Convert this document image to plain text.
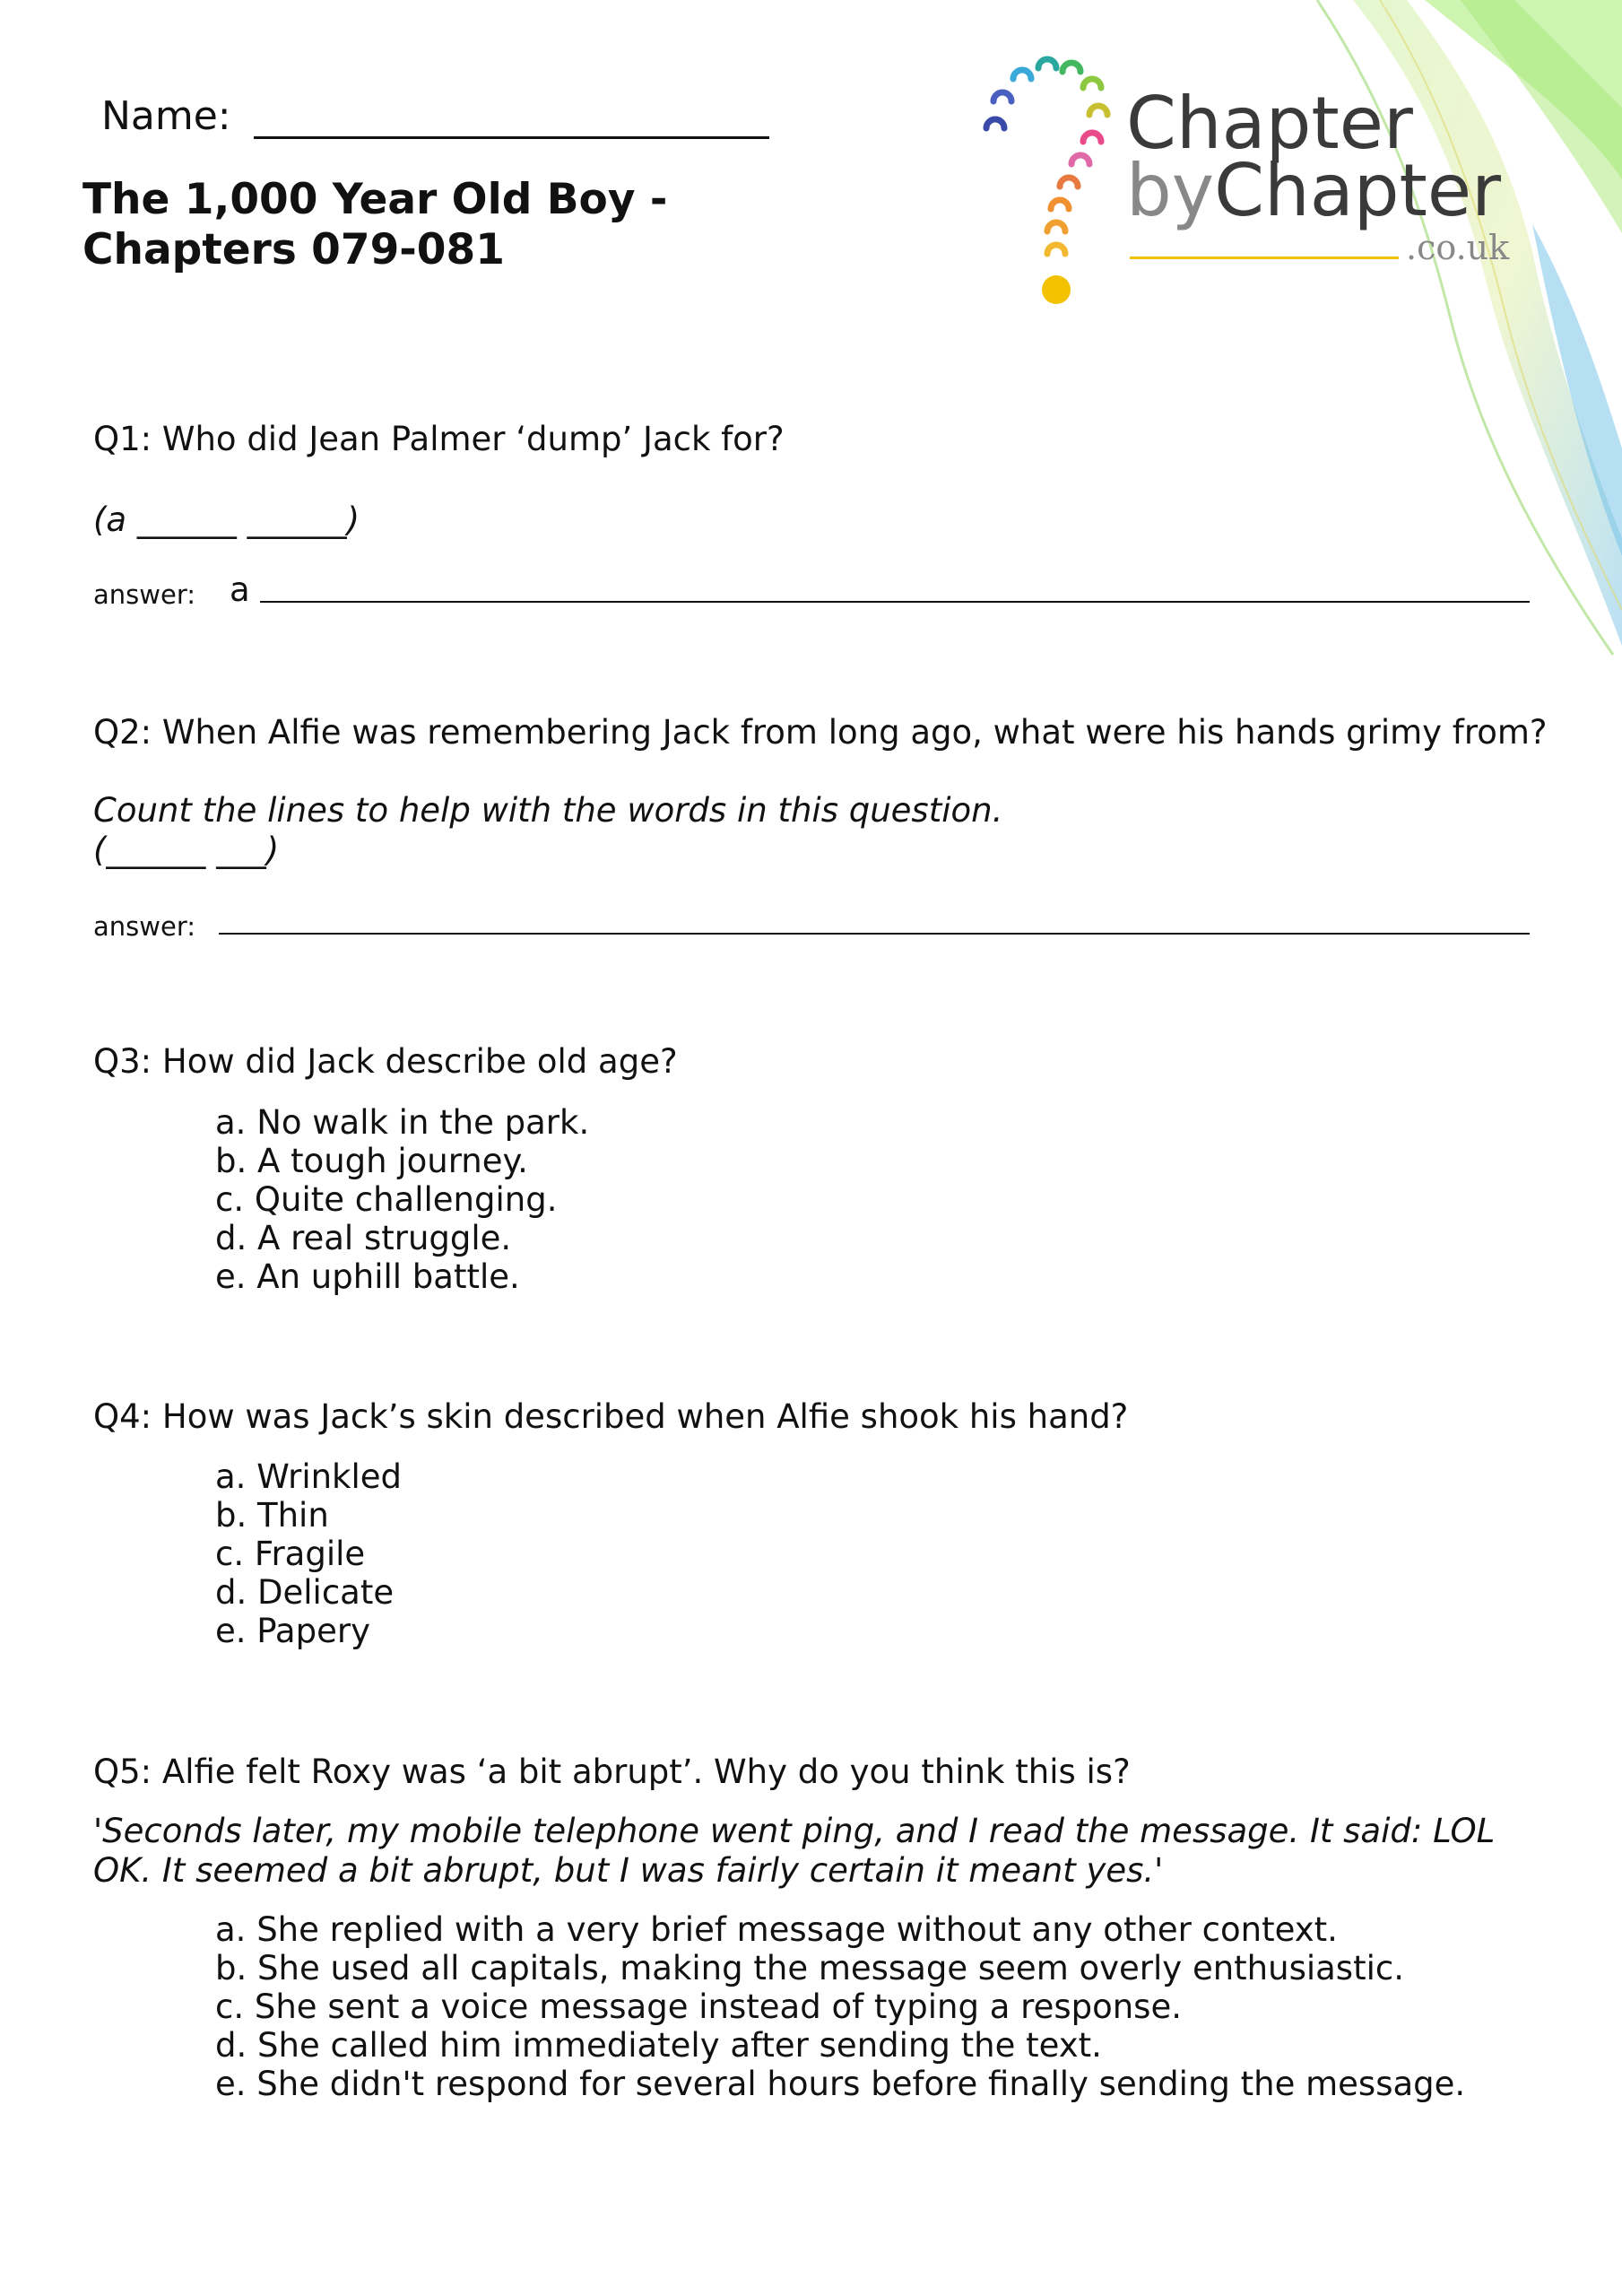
Chapter
byChapter
.co.uk
Name:
The 1,000 Year Old Boy -
Chapters 079-081
Q1: Who did Jean Palmer ‘dump’ Jack for?
(a ______ ______)
answer: a
Q2: When Alfie was remembering Jack from long ago, what were his hands grimy from?
Count the lines to help with the words in this question.
(______ ___)
answer:
Q3: How did Jack describe old age?
a. No walk in the park.
b. A tough journey.
c. Quite challenging.
d. A real struggle.
e. An uphill battle.
Q4: How was Jack’s skin described when Alfie shook his hand?
a. Wrinkled
b. Thin
c. Fragile
d. Delicate
e. Papery
Q5: Alfie felt Roxy was ‘a bit abrupt’. Why do you think this is?
'Seconds later, my mobile telephone went ping, and I read the message. It said: LOL
OK. It seemed a bit abrupt, but I was fairly certain it meant yes.'
a. She replied with a very brief message without any other context.
b. She used all capitals, making the message seem overly enthusiastic.
c. She sent a voice message instead of typing a response.
d. She called him immediately after sending the text.
e. She didn't respond for several hours before finally sending the message.
